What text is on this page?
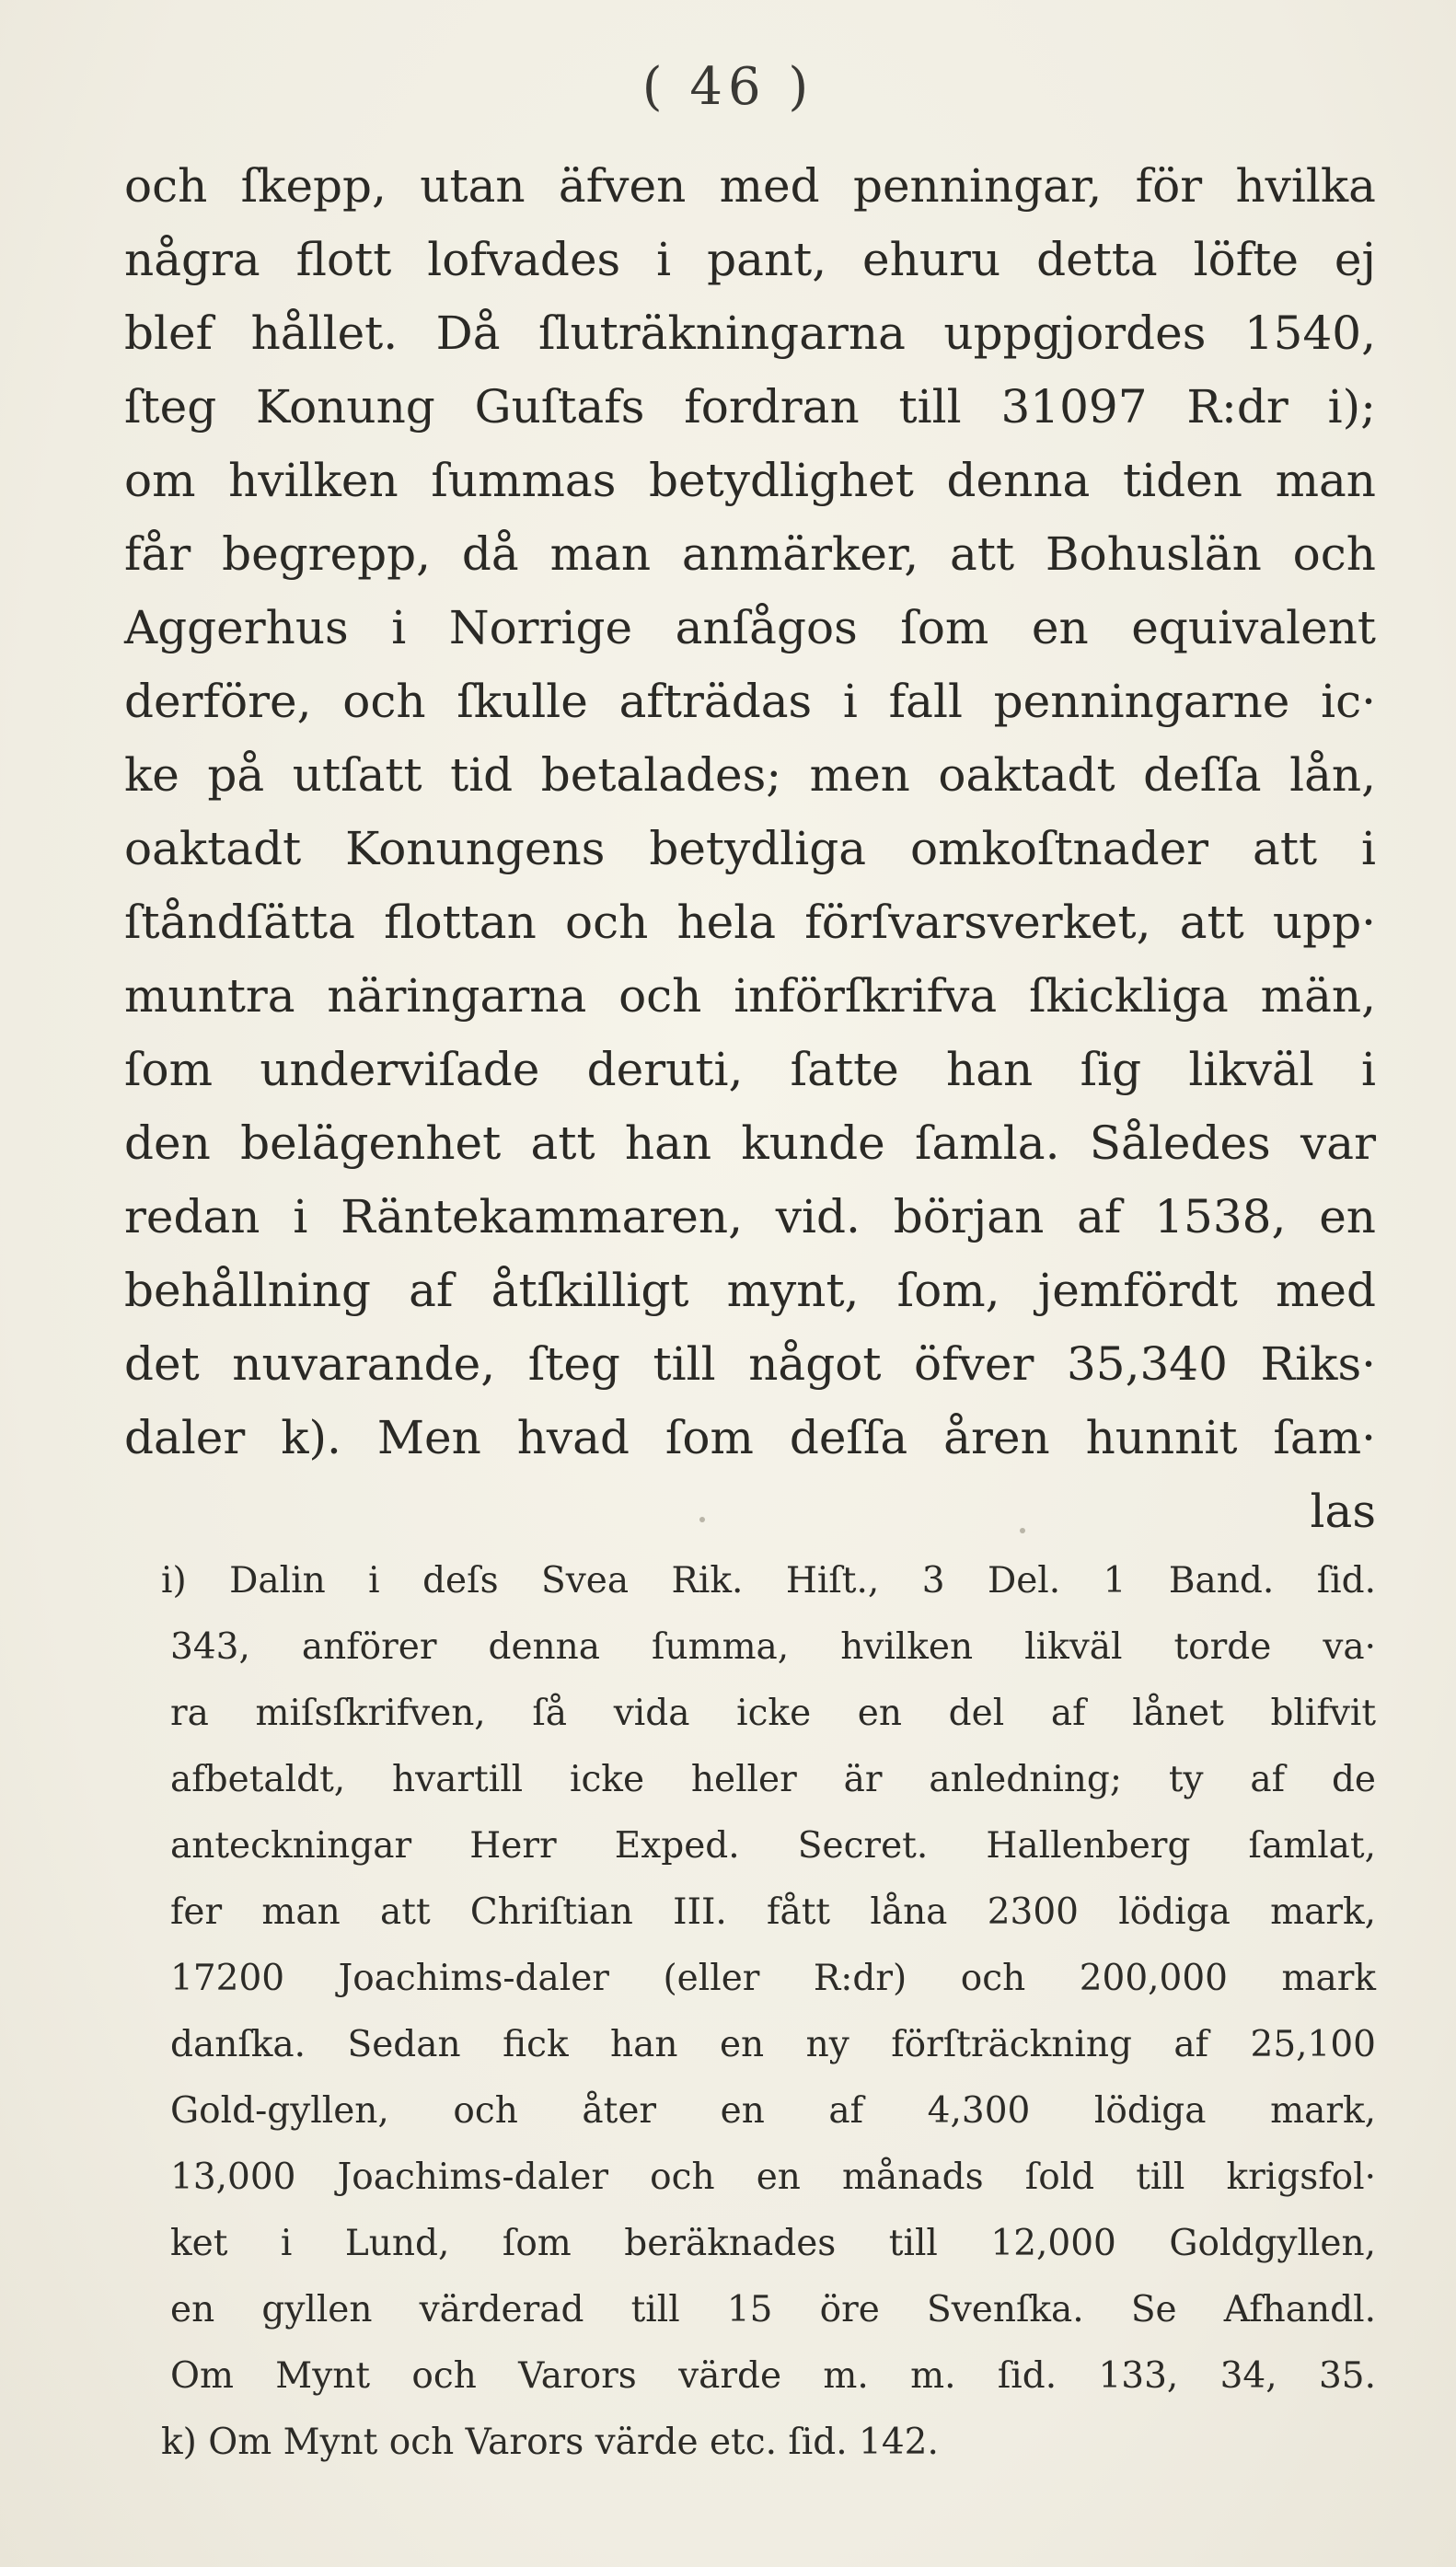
( 46 )
och ſkepp, utan äfven med penningar, för hvilka
några flott lofvades i pant, ehuru detta löfte ej
blef hållet. Då ſluträkningarna uppgjordes 1540,
ſteg Konung Guſtafs fordran till 31097 R:dr i);
om hvilken ſummas betydlighet denna tiden man
får begrepp, då man anmärker, att Bohuslän och
Aggerhus i Norrige anſågos ſom en equivalent
derföre, och ſkulle afträdas i fall penningarne ic·
ke på utſatt tid betalades; men oaktadt deſſa lån,
oaktadt Konungens betydliga omkoſtnader att i
ſtåndſätta flottan och hela förſvarsverket, att upp·
muntra näringarna och införſkrifva ſkickliga män,
ſom underviſade deruti, ſatte han ſig likväl i
den belägenhet att han kunde ſamla. Således var
redan i Räntekammaren, vid. början af 1538, en
behållning af åtſkilligt mynt, ſom, jemfördt med
det nuvarande, ſteg till något öfver 35,340 Riks·
daler k). Men hvad ſom deſſa åren hunnit ſam·
las
i) Dalin i deſs Svea Rik. Hiſt., 3 Del. 1 Band. ſid.
343, anförer denna ſumma, hvilken likväl torde va·
ra miſsſkrifven, ſå vida icke en del af lånet blifvit
afbetaldt, hvartill icke heller är anledning; ty af de
anteckningar Herr Exped. Secret. Hallenberg ſamlat,
fer man att Chriſtian III. fått låna 2300 lödiga mark,
17200 Joachims-daler (eller R:dr) och 200,000 mark
danſka. Sedan fick han en ny förſträckning af 25,100
Gold-gyllen, och åter en af 4,300 lödiga mark,
13,000 Joachims-daler och en månads ſold till krigsfol·
ket i Lund, ſom beräknades till 12,000 Goldgyllen,
en gyllen värderad till 15 öre Svenſka. Se Afhandl.
Om Mynt och Varors värde m. m. ſid. 133, 34, 35.
k) Om Mynt och Varors värde etc. ſid. 142.
